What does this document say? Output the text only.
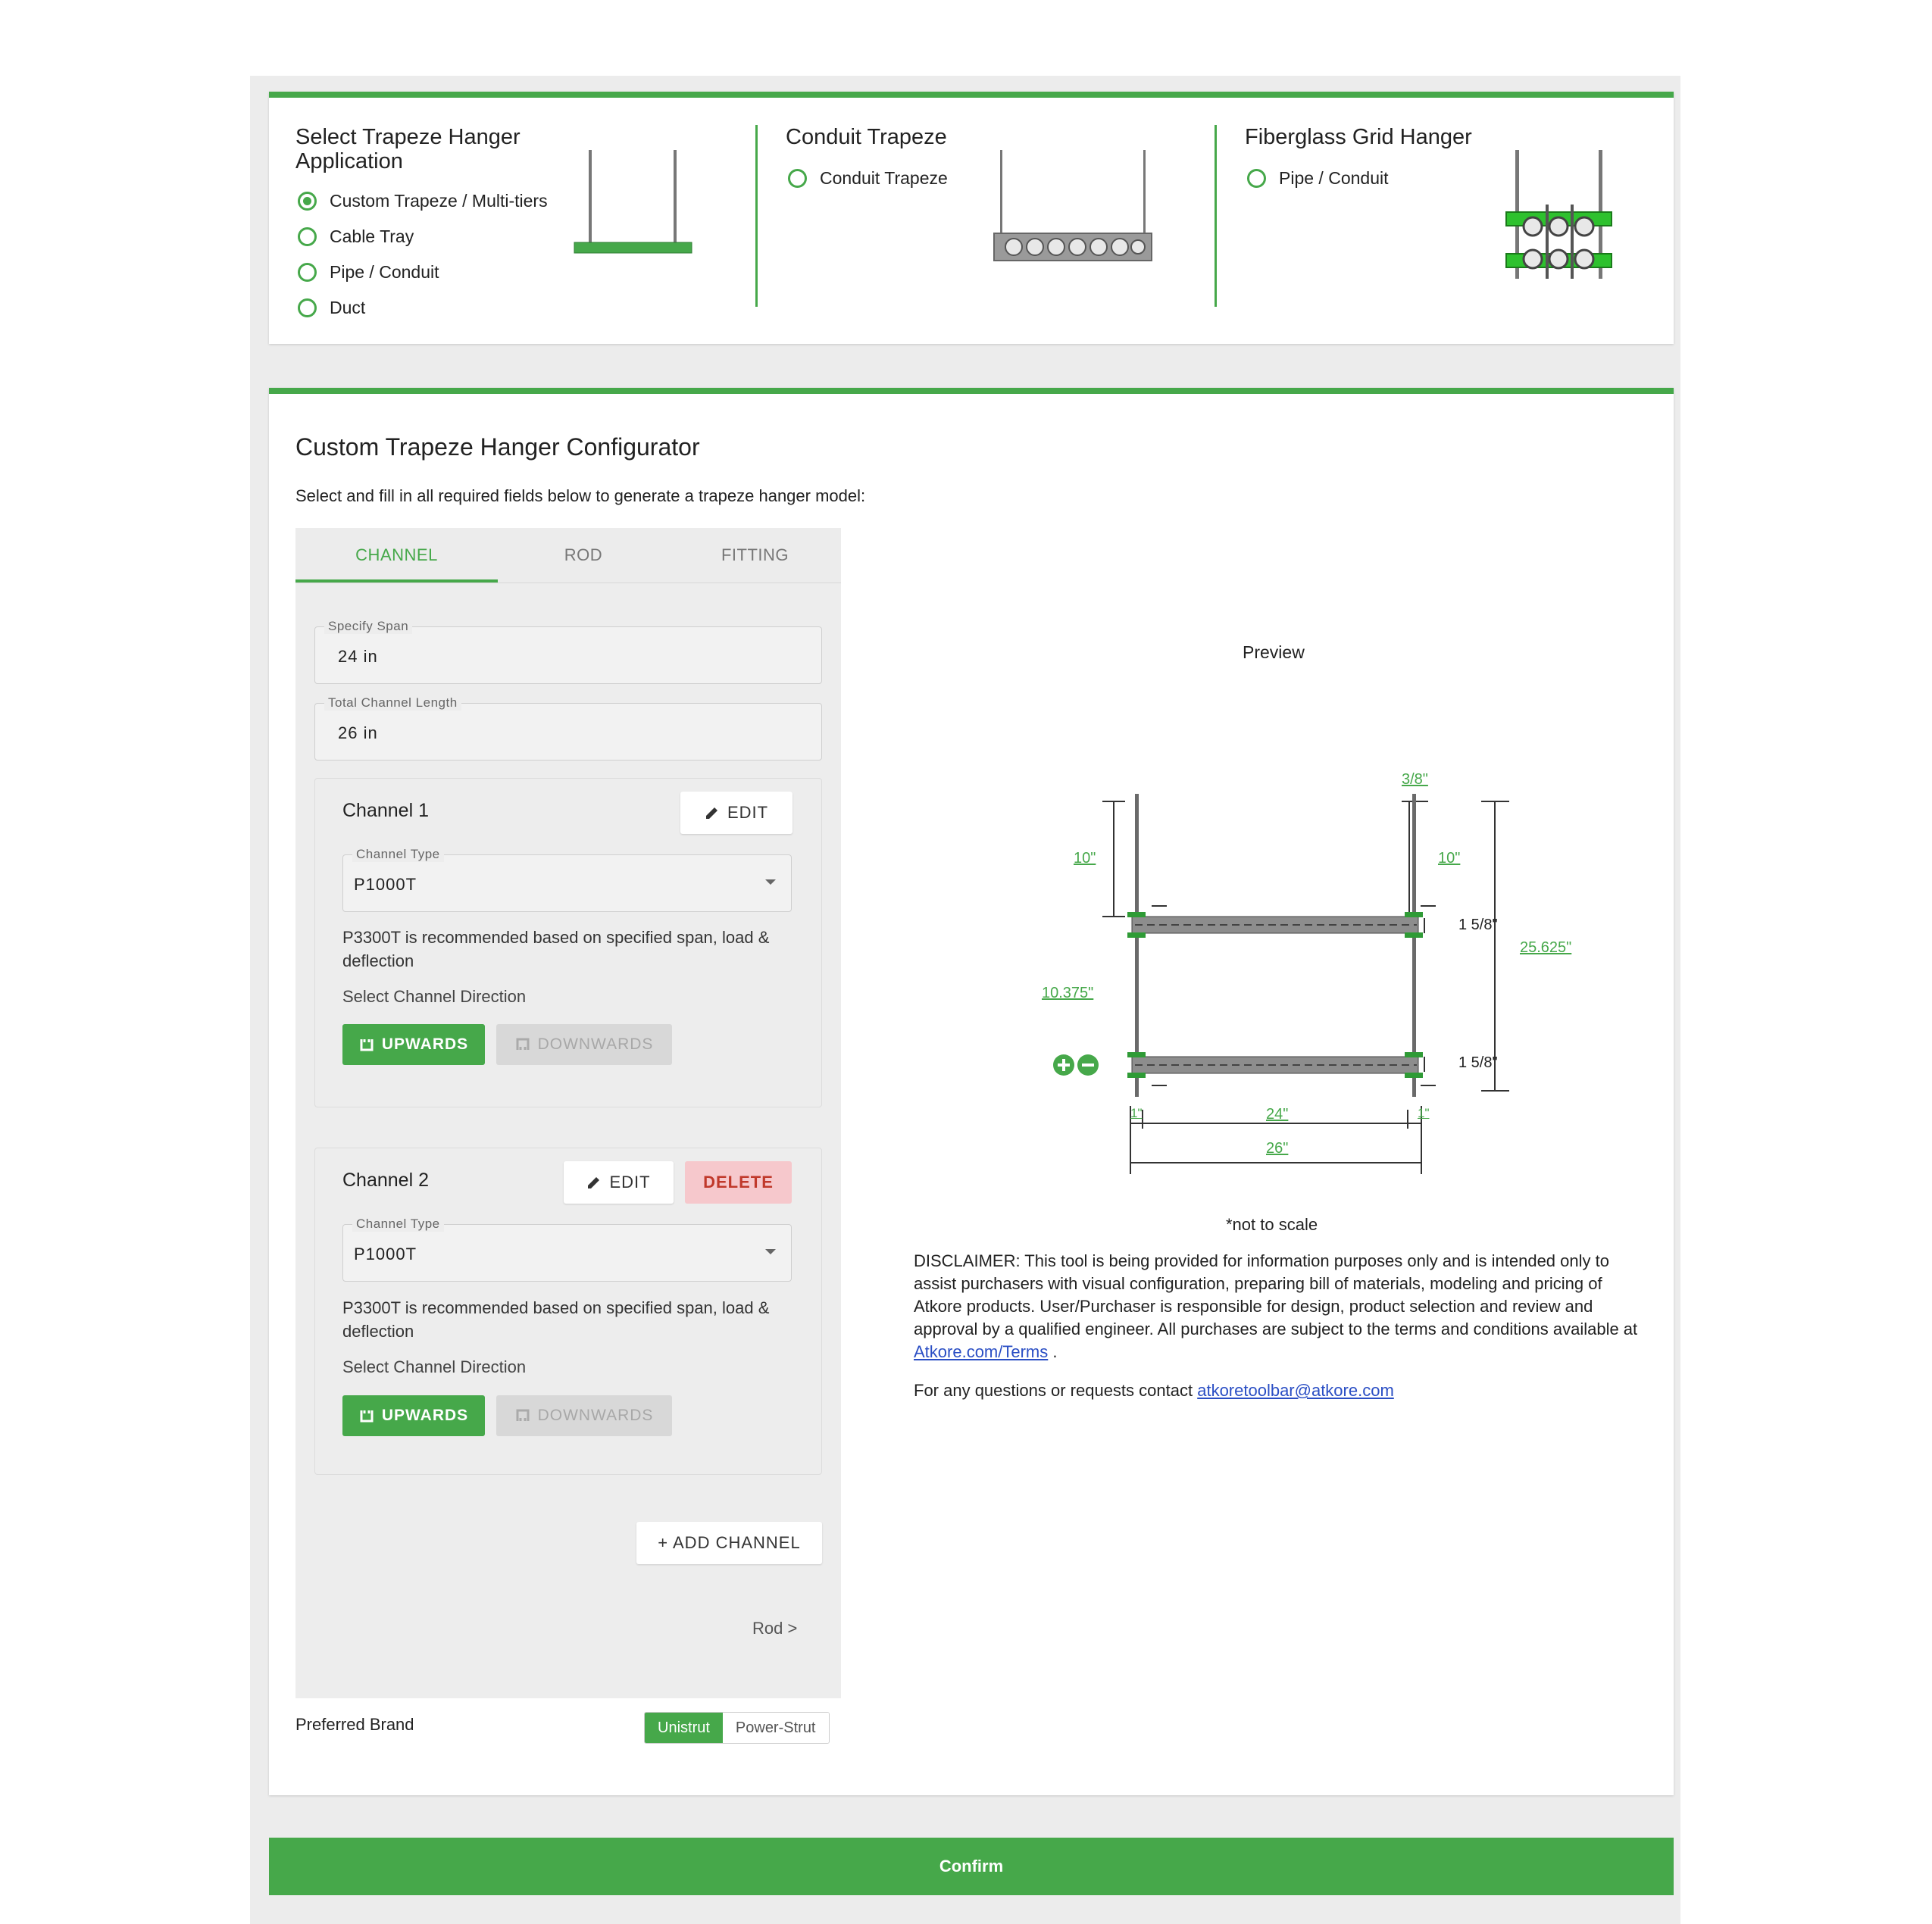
Select Trapeze Hanger Application
Custom Trapeze / Multi-tiers
Cable Tray
Pipe / Conduit
Duct
Conduit Trapeze
Conduit Trapeze
Fiberglass Grid Hanger
Pipe / Conduit
Custom Trapeze Hanger Configurator
Select and fill in all required fields below to generate a trapeze hanger model:
CHANNEL	ROD	FITTING
Specify Span
24 in
Total Channel Length
26 in
Channel 1	EDIT
Channel Type
P1000T
P3300T is recommended based on specified span, load & deflection
Select Channel Direction
UPWARDS	DOWNWARDS
Channel 2	EDIT	DELETE
Channel Type
P1000T
P3300T is recommended based on specified span, load & deflection
Select Channel Direction
UPWARDS	DOWNWARDS
+ ADD CHANNEL
Rod >
Preferred Brand	Unistrut	Power-Strut
Preview
3/8"
10"	10"
1 5/8"
25.625"
10.375"
1 5/8"
1"	1"
24"
26"
*not to scale
DISCLAIMER: This tool is being provided for information purposes only and is intended only to assist purchasers with visual configuration, preparing bill of materials, modeling and pricing of Atkore products. User/Purchaser is responsible for design, product selection and review and approval by a qualified engineer. All purchases are subject to the terms and conditions available at Atkore.com/Terms .
For any questions or requests contact atkoretoolbar@atkore.com
Confirm
